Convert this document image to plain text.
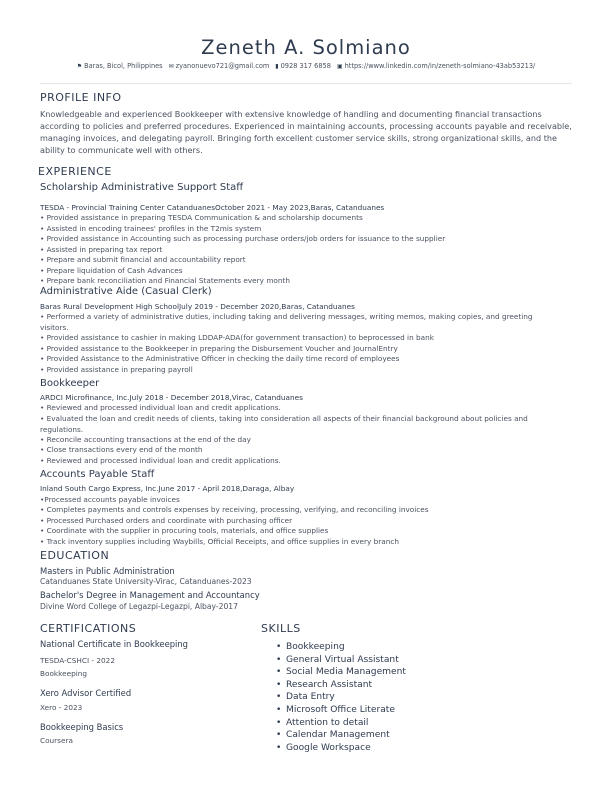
Zeneth A. Solmiano
⚑ Baras, Bicol, Philippines ✉ zyanonuevo721@gmail.com ▮ 0928 317 6858 ▣ https://www.linkedin.com/in/zeneth-solmiano-43ab53213/
PROFILE INFO
Knowledgeable and experienced Bookkeeper with extensive knowledge of handling and documenting financial transactions according to policies and preferred procedures. Experienced in maintaining accounts, processing accounts payable and receivable, managing invoices, and delegating payroll. Bringing forth excellent customer service skills, strong organizational skills, and the ability to communicate well with others.
EXPERIENCE
Scholarship Administrative Support Staff
TESDA - Provincial Training Center CatanduanesOctober 2021 - May 2023,Baras, Catanduanes
• Provided assistance in preparing TESDA Communication & and scholarship documents
• Assisted in encoding trainees' profiles in the T2mis system
• Provided assistance in Accounting such as processing purchase orders/job orders for issuance to the supplier
• Assisted in preparing tax report
• Prepare and submit financial and accountability report
• Prepare liquidation of Cash Advances
• Prepare bank reconciliation and Financial Statements every month
Administrative Aide (Casual Clerk)
Baras Rural Development High SchoolJuly 2019 - December 2020,Baras, Catanduanes
• Performed a variety of administrative duties, including taking and delivering messages, writing memos, making copies, and greeting visitors.
• Provided assistance to cashier in making LDDAP-ADA(for government transaction) to beprocessed in bank
• Provided assistance to the Bookkeeper in preparing the Disbursement Voucher and JournalEntry
• Provided Assistance to the Administrative Officer in checking the daily time record of employees
• Provided assistance in preparing payroll
Bookkeeper
ARDCI Microfinance, Inc.July 2018 - December 2018,Virac, Catanduanes
• Reviewed and processed individual loan and credit applications.
• Evaluated the loan and credit needs of clients, taking into consideration all aspects of their financial background about policies and regulations.
• Reconcile accounting transactions at the end of the day
• Close transactions every end of the month
• Reviewed and processed individual loan and credit applications.
Accounts Payable Staff
Inland South Cargo Express, Inc.June 2017 - April 2018,Daraga, Albay
•Processed accounts payable invoices
• Completes payments and controls expenses by receiving, processing, verifying, and reconciling invoices
• Processed Purchased orders and coordinate with purchasing officer
• Coordinate with the supplier in procuring tools, materials, and office supplies
• Track inventory supplies including Waybills, Official Receipts, and office supplies in every branch
EDUCATION
Masters in Public Administration
Catanduanes State University-Virac, Catanduanes-2023
Bachelor's Degree in Management and Accountancy
Divine Word College of Legazpi-Legazpi, Albay-2017
CERTIFICATIONS
National Certificate in Bookkeeping
TESDA-CSHCI - 2022
Bookkeeping
Xero Advisor Certified
Xero - 2023
Bookkeeping Basics
Coursera
SKILLS
• Bookkeeping
• General Virtual Assistant
• Social Media Management
• Research Assistant
• Data Entry
• Microsoft Office Literate
• Attention to detail
• Calendar Management
• Google Workspace
